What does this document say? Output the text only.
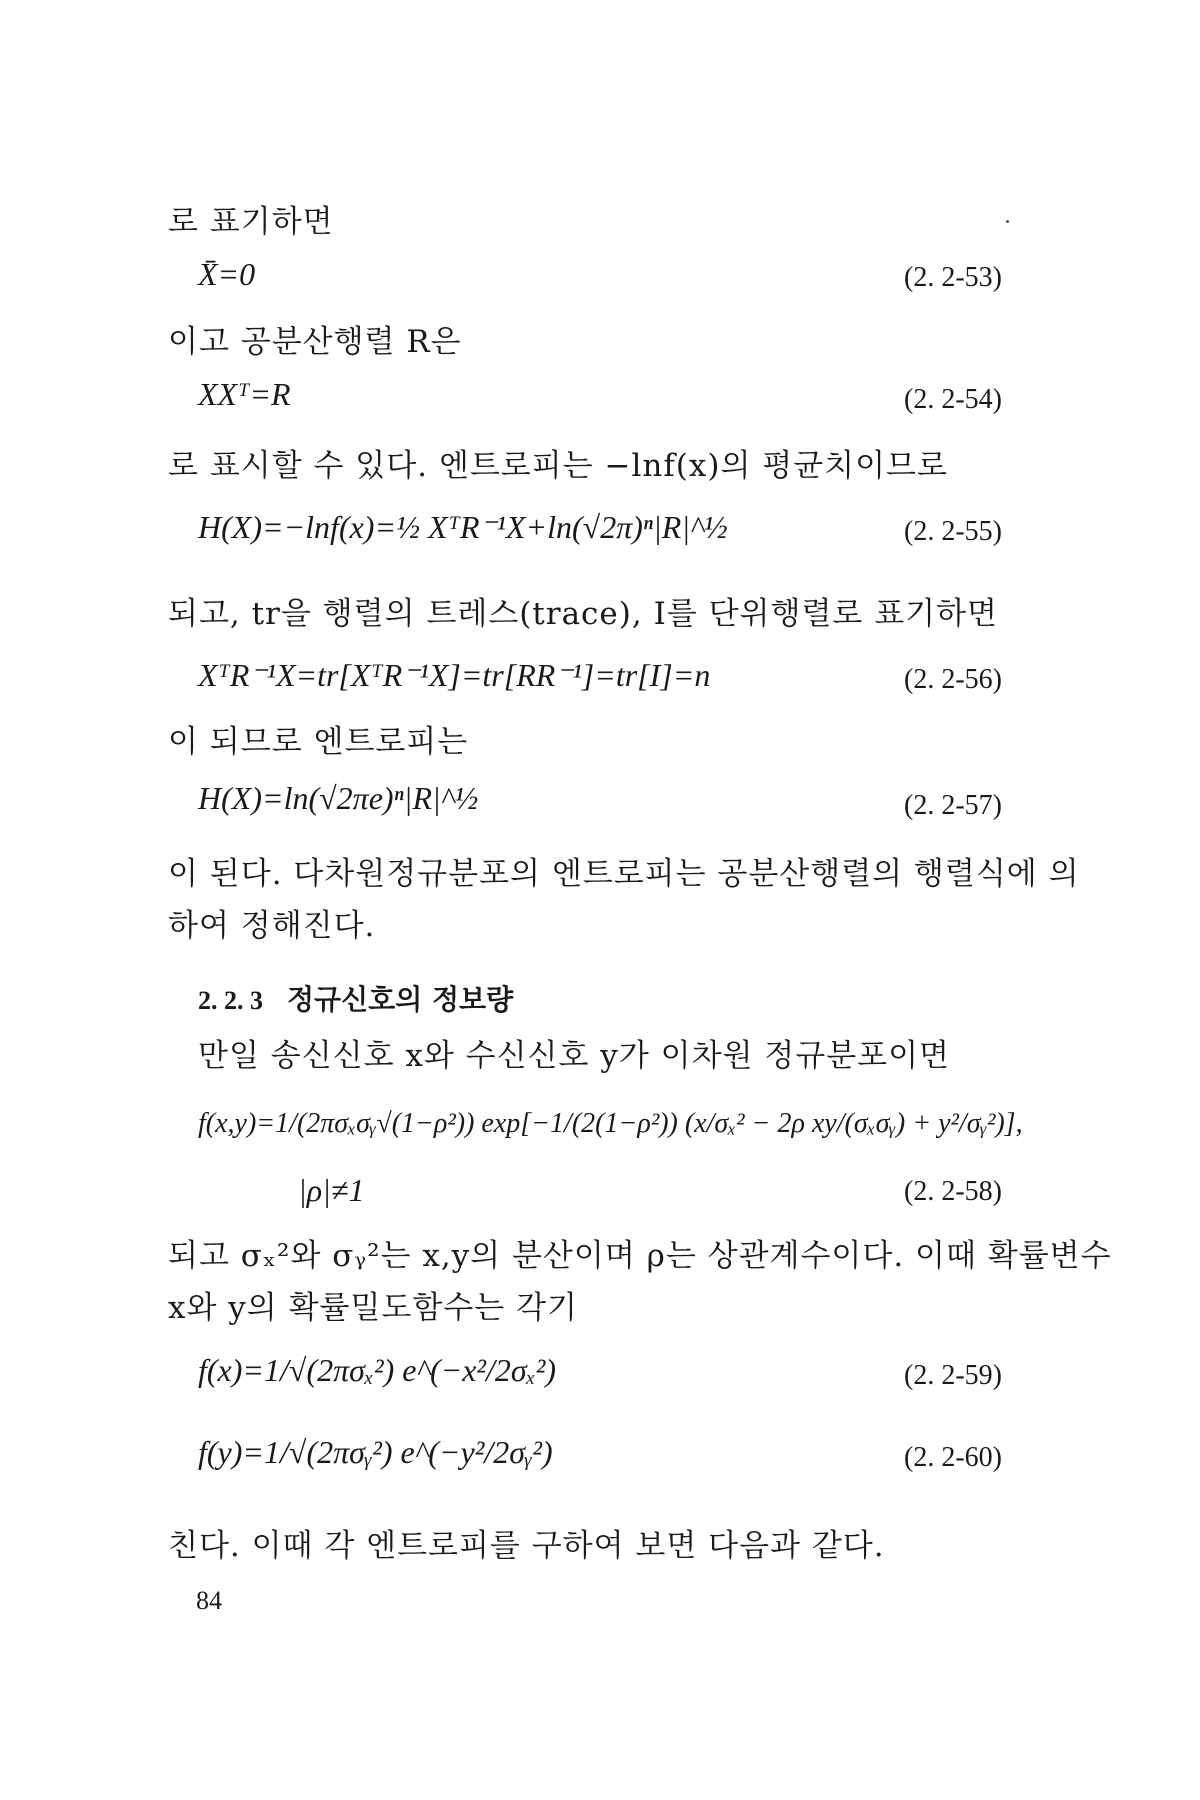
로 표기하면
X̄=0	(2. 2-53)
이고 공분산행렬 R은
XXᵀ=R	(2. 2-54)
로 표시할 수 있다. 엔트로피는 −lnf(x)의 평균치이므로
H(X)=−lnf(x)=½ XᵀR⁻¹X+ln(√2π)ⁿ|R|^½	(2. 2-55)
되고, tr을 행렬의 트레스(trace), I를 단위행렬로 표기하면
XᵀR⁻¹X=tr[XᵀR⁻¹X]=tr[RR⁻¹]=tr[I]=n	(2. 2-56)
이 되므로 엔트로피는
H(X)=ln(√2πe)ⁿ|R|^½	(2. 2-57)
이 된다. 다차원정규분포의 엔트로피는 공분산행렬의 행렬식에 의
하여 정해진다.
2. 2. 3 정규신호의 정보량
만일 송신신호 x와 수신신호 y가 이차원 정규분포이면
f(x,y)=1/(2πσₓσᵧ√(1−ρ²)) exp[−1/(2(1−ρ²)) (x/σₓ² − 2ρ xy/(σₓσᵧ) + y²/σᵧ²)],
|ρ|≠1	(2. 2-58)
되고 σₓ²와 σᵧ²는 x,y의 분산이며 ρ는 상관계수이다. 이때 확률변수
x와 y의 확률밀도함수는 각기
f(x)=1/√(2πσₓ²) e^(−x²/2σₓ²)	(2. 2-59)
f(y)=1/√(2πσᵧ²) e^(−y²/2σᵧ²)	(2. 2-60)
친다. 이때 각 엔트로피를 구하여 보면 다음과 같다.
84
